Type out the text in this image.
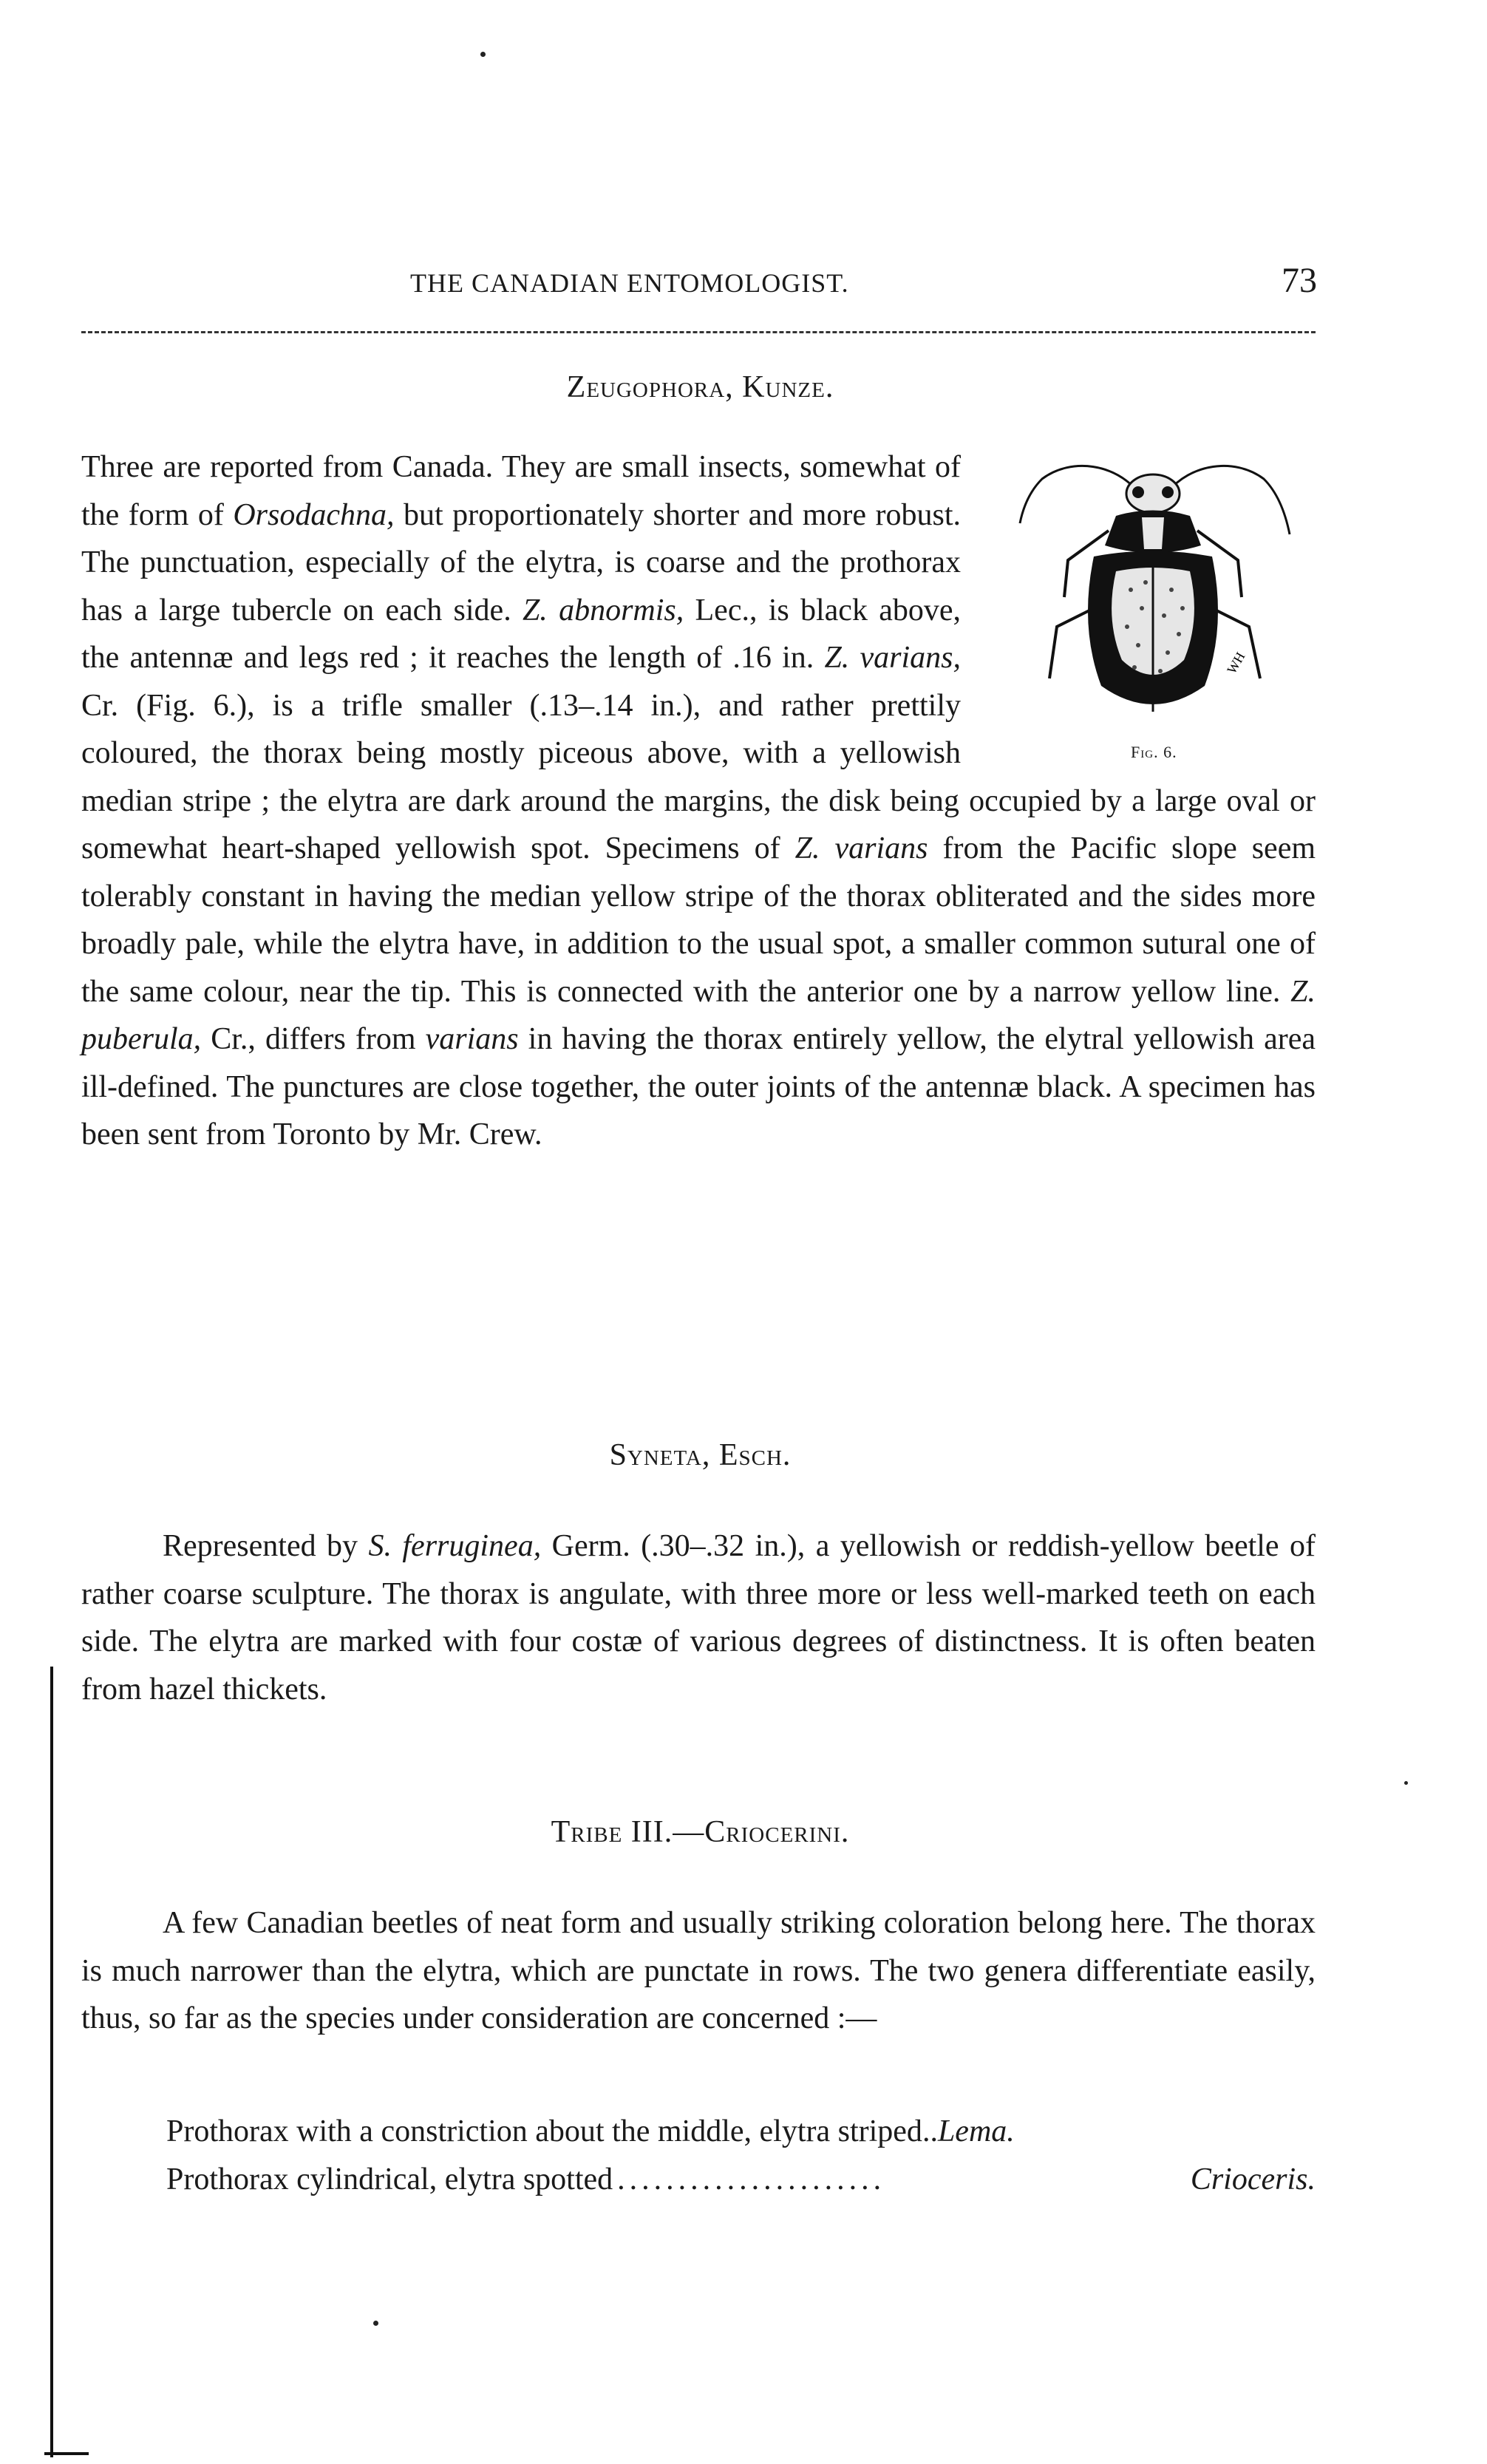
THE CANADIAN ENTOMOLOGIST.	73
Zeugophora, Kunze.

WH
Fig. 6.
Three are reported from Canada. They are small insects, somewhat of the form of Orsodachna, but proportionately shorter and more robust. The punctuation, especially of the elytra, is coarse and the prothorax has a large tubercle on each side. Z. abnormis, Lec., is black above, the antennæ and legs red ; it reaches the length of .16 in. Z. varians, Cr. (Fig. 6.), is a trifle smaller (.13–.14 in.), and rather prettily coloured, the thorax being mostly piceous above, with a yellowish median stripe ; the elytra are dark around the margins, the disk being occupied by a large oval or somewhat heart-shaped yellowish spot. Specimens of Z. varians from the Pacific slope seem tolerably constant in having the median yellow stripe of the thorax obliterated and the sides more broadly pale, while the elytra have, in addition to the usual spot, a smaller common sutural one of the same colour, near the tip. This is connected with the anterior one by a narrow yellow line. Z. puberula, Cr., differs from varians in having the thorax entirely yellow, the elytral yellowish area ill-defined. The punctures are close together, the outer joints of the antennæ black. A specimen has been sent from Toronto by Mr. Crew.

Syneta, Esch.

Represented by S. ferruginea, Germ. (.30–.32 in.), a yellowish or reddish-yellow beetle of rather coarse sculpture. The thorax is angulate, with three more or less well-marked teeth on each side. The elytra are marked with four costæ of various degrees of distinctness. It is often beaten from hazel thickets.

Tribe III.—Criocerini.

A few Canadian beetles of neat form and usually striking coloration belong here. The thorax is much narrower than the elytra, which are punctate in rows. The two genera differentiate easily, thus, so far as the species under consideration are concerned :—

Prothorax with a constriction about the middle, elytra striped .. Lema.
Prothorax cylindrical, elytra spotted ......................	Crioceris.
